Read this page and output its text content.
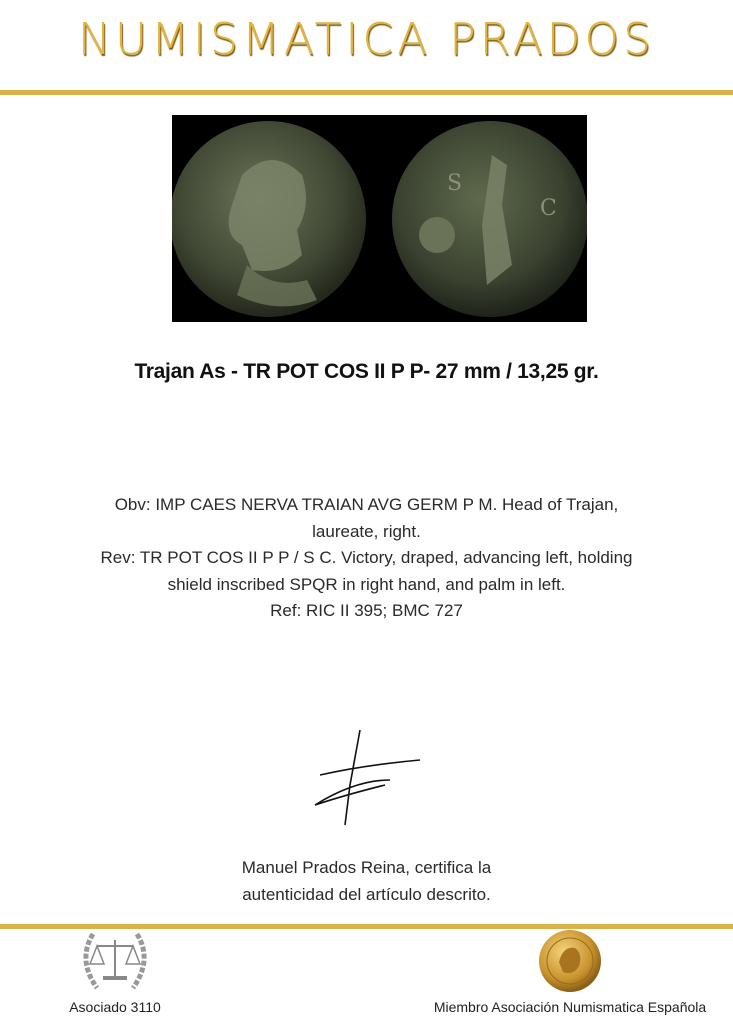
NUMISMATICA PRADOS
S
C
Trajan As - TR POT COS II P P- 27 mm / 13,25 gr.
Obv: IMP CAES NERVA TRAIAN AVG GERM P M. Head of Trajan,
laureate, right.
Rev: TR POT COS II P P / S C. Victory, draped, advancing left, holding
shield inscribed SPQR in right hand, and palm in left.
Ref: RIC II 395; BMC 727
Manuel Prados Reina, certifica la
autenticidad del artículo descrito.
Asociado 3110	Miembro Asociación Numismatica Española
